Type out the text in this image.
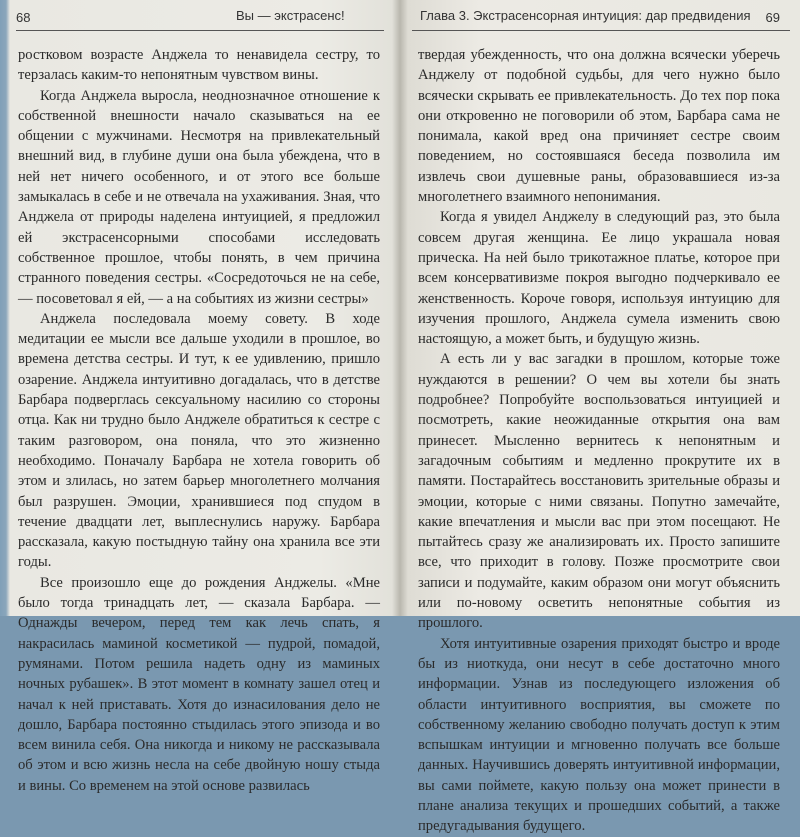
68	Вы — экстрасенс!

ростковом возрасте Анджела то ненавидела сестру, то терзалась каким-то непонятным чувством вины.

Когда Анджела выросла, неоднозначное отношение к собственной внешности начало сказываться на ее общении с мужчинами. Несмотря на привлекательный внешний вид, в глубине души она была убеждена, что в ней нет ничего особенного, и от этого все больше замыкалась в себе и не отвечала на ухаживания. Зная, что Анджела от природы наделена интуицией, я предложил ей экстрасенсорными способами исследовать собственное прошлое, чтобы понять, в чем причина странного поведения сестры. «Сосредоточься не на себе, — посоветовал я ей, — а на событиях из жизни сестры»

Анджела последовала моему совету. В ходе медитации ее мысли все дальше уходили в прошлое, во времена детства сестры. И тут, к ее удивлению, пришло озарение. Анджела интуитивно догадалась, что в детстве Барбара подверглась сексуальному насилию со стороны отца. Как ни трудно было Анджеле обратиться к сестре с таким разговором, она поняла, что это жизненно необходимо. Поначалу Барбара не хотела говорить об этом и злилась, но затем барьер многолетнего молчания был разрушен. Эмоции, хранившиеся под спудом в течение двадцати лет, выплеснулись наружу. Барбара рассказала, какую постыдную тайну она хранила все эти годы.

Все произошло еще до рождения Анджелы. «Мне было тогда тринадцать лет, — сказала Барбара. — Однажды вечером, перед тем как лечь спать, я накрасилась маминой косметикой — пудрой, помадой, румянами. Потом решила надеть одну из маминых ночных рубашек». В этот момент в комнату зашел отец и начал к ней приставать. Хотя до изнасилования дело не дошло, Барбара постоянно стыдилась этого эпизода и во всем винила себя. Она никогда и никому не рассказывала об этом и всю жизнь несла на себе двойную ношу стыда и вины. Со временем на этой основе развилась

Глава 3. Экстрасенсорная интуиция: дар предвидения 69

твердая убежденность, что она должна всячески уберечь Анджелу от подобной судьбы, для чего нужно было всячески скрывать ее привлекательность. До тех пор пока они откровенно не поговорили об этом, Барбара сама не понимала, какой вред она причиняет сестре своим поведением, но состоявшаяся беседа позволила им извлечь свои душевные раны, образовавшиеся из-за многолетнего взаимного непонимания.

Когда я увидел Анджелу в следующий раз, это была совсем другая женщина. Ее лицо украшала новая прическа. На ней было трикотажное платье, которое при всем консервативизме покроя выгодно подчеркивало ее женственность. Короче говоря, используя интуицию для изучения прошлого, Анджела сумела изменить свою настоящую, а может быть, и будущую жизнь.

А есть ли у вас загадки в прошлом, которые тоже нуждаются в решении? О чем вы хотели бы знать подробнее? Попробуйте воспользоваться интуицией и посмотреть, какие неожиданные открытия она вам принесет. Мысленно вернитесь к непонятным и загадочным событиям и медленно прокрутите их в памяти. Постарайтесь восстановить зрительные образы и эмоции, которые с ними связаны. Попутно замечайте, какие впечатления и мысли вас при этом посещают. Не пытайтесь сразу же анализировать их. Просто запишите все, что приходит в голову. Позже просмотрите свои записи и подумайте, каким образом они могут объяснить или по-новому осветить непонятные события из прошлого.

Хотя интуитивные озарения приходят быстро и вроде бы из ниоткуда, они несут в себе достаточно много информации. Узнав из последующего изложения об области интуитивного восприятия, вы сможете по собственному желанию свободно получать доступ к этим вспышкам интуиции и мгновенно получать все больше данных. Научившись доверять интуитивной информации, вы сами поймете, какую пользу она может принести в плане анализа текущих и прошедших событий, а также предугадывания будущего.
